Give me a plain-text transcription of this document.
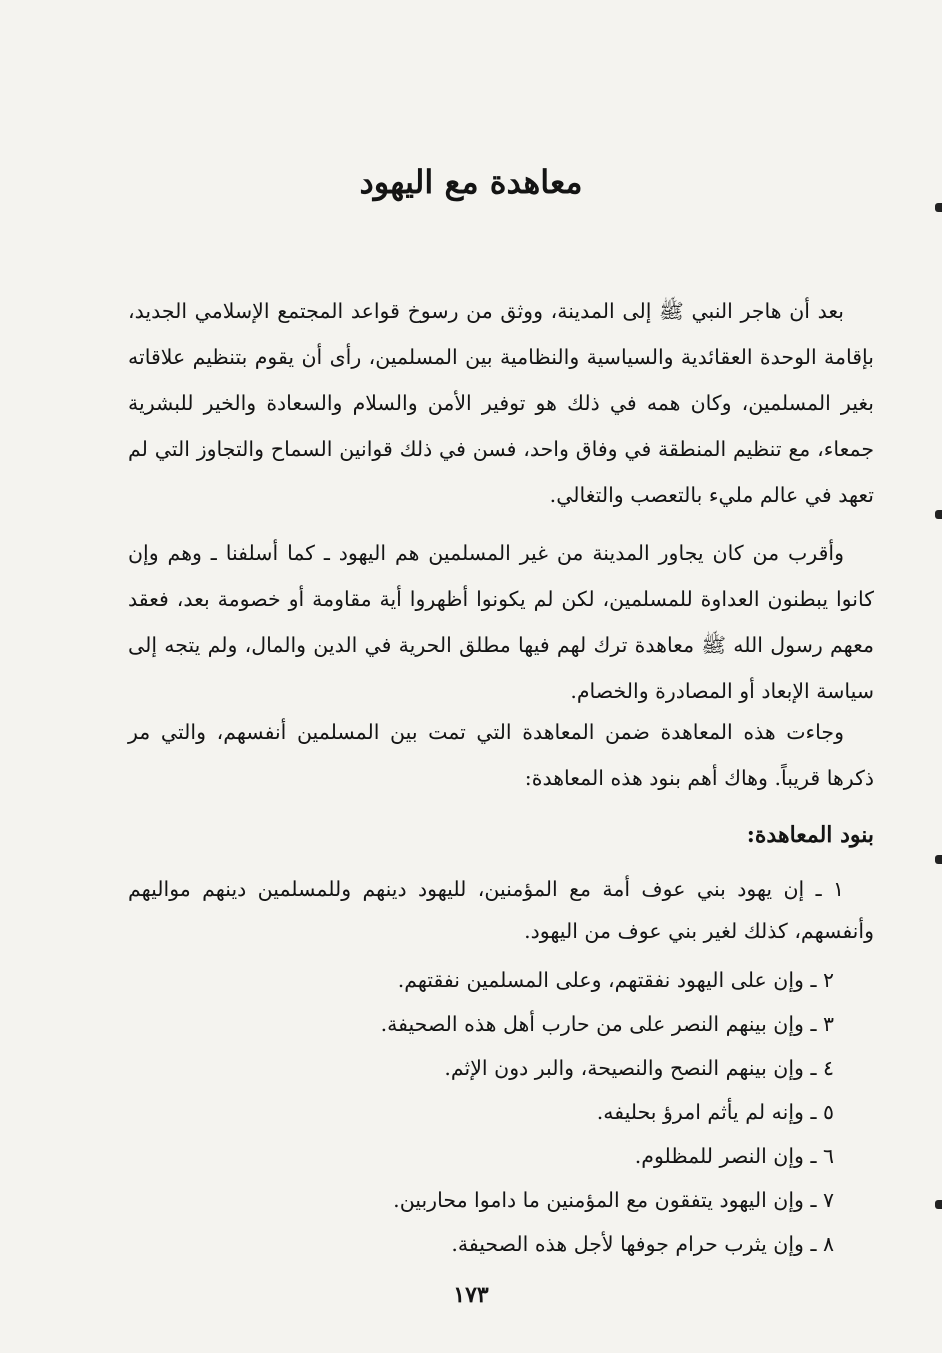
معاهدة مع اليهود

بعد أن هاجر النبي ﷺ إلى المدينة، ووثق من رسوخ قواعد المجتمع الإسلامي الجديد، بإقامة الوحدة العقائدية والسياسية والنظامية بين المسلمين، رأى أن يقوم بتنظيم علاقاته بغير المسلمين، وكان همه في ذلك هو توفير الأمن والسلام والسعادة والخير للبشرية جمعاء، مع تنظيم المنطقة في وفاق واحد، فسن في ذلك قوانين السماح والتجاوز التي لم تعهد في عالم مليء بالتعصب والتغالي.

وأقرب من كان يجاور المدينة من غير المسلمين هم اليهود ـ كما أسلفنا ـ وهم وإن كانوا يبطنون العداوة للمسلمين، لكن لم يكونوا أظهروا أية مقاومة أو خصومة بعد، فعقد معهم رسول الله ﷺ معاهدة ترك لهم فيها مطلق الحرية في الدين والمال، ولم يتجه إلى سياسة الإبعاد أو المصادرة والخصام.

وجاءت هذه المعاهدة ضمن المعاهدة التي تمت بين المسلمين أنفسهم، والتي مر ذكرها قريباً. وهاك أهم بنود هذه المعاهدة:

بنود المعاهدة:
١ ـ إن يهود بني عوف أمة مع المؤمنين، لليهود دينهم وللمسلمين دينهم مواليهم وأنفسهم، كذلك لغير بني عوف من اليهود.
٢ ـ وإن على اليهود نفقتهم، وعلى المسلمين نفقتهم.
٣ ـ وإن بينهم النصر على من حارب أهل هذه الصحيفة.
٤ ـ وإن بينهم النصح والنصيحة، والبر دون الإثم.
٥ ـ وإنه لم يأثم امرؤ بحليفه.
٦ ـ وإن النصر للمظلوم.
٧ ـ وإن اليهود يتفقون مع المؤمنين ما داموا محاربين.
٨ ـ وإن يثرب حرام جوفها لأجل هذه الصحيفة.
١٧٣
